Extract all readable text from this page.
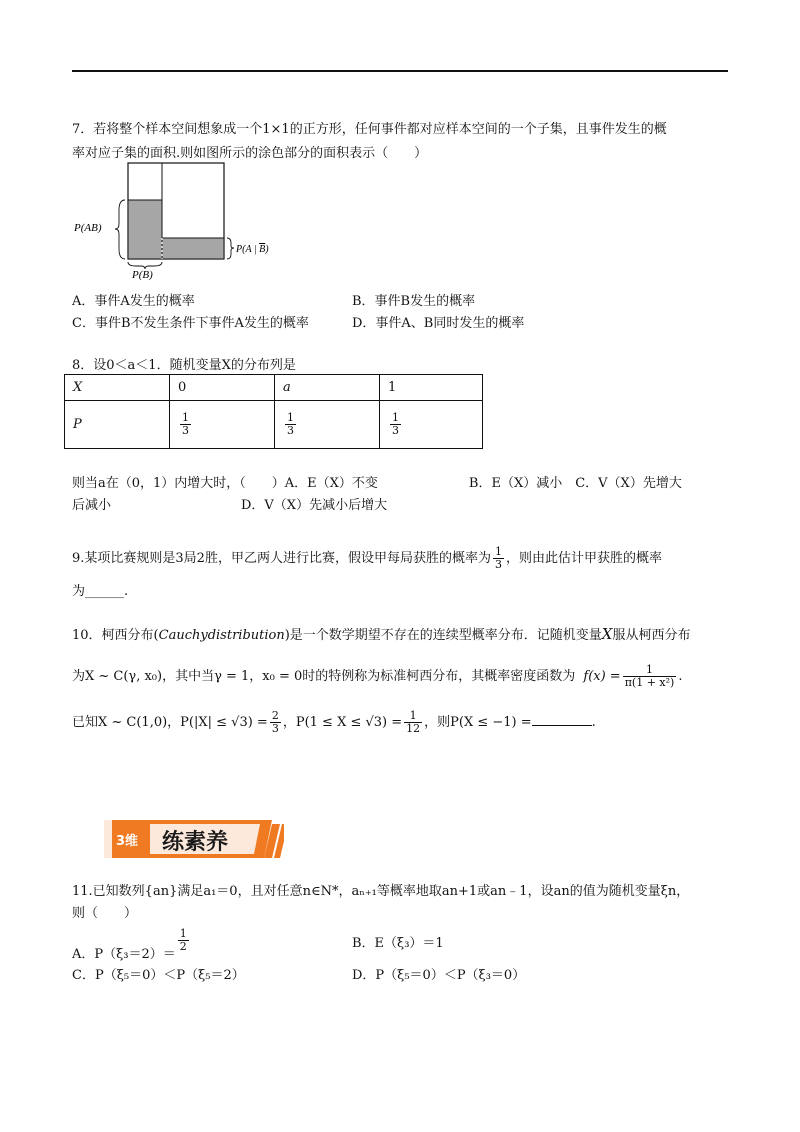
7．若将整个样本空间想象成一个1×1的正方形，任何事件都对应样本空间的一个子集，且事件发生的概
率对应子集的面积.则如图所示的涂色部分的面积表示（　　）
P(AB)
P(A | B)
P(B)
A．事件A发生的概率	B．事件B发生的概率
C．事件B不发生条件下事件A发生的概率	D．事件A、B同时发生的概率
8．设0＜a＜1．随机变量X的分布列是
X	0	a	1
P	$\frac{1}{3}$	$\frac{1}{3}$	$\frac{1}{3}$
则当a在（0，1）内增大时，（　　）A．E（X）不变　　　　　　　B．E（X）减小　C．V（X）先增大
后减小　　　　　　　　　　D．V（X）先减小后增大
9.某项比赛规则是3局2胜，甲乙两人进行比赛，假设甲每局获胜的概率为 $\frac{1}{3}$ ，则由此估计甲获胜的概率
为______.
10．柯西分布(Cauchydistribution)是一个数学期望不存在的连续型概率分布．记随机变量X服从柯西分布
为X ~ C(γ, x₀)，其中当γ = 1，x₀ = 0时的特例称为标准柯西分布，其概率密度函数为 $f(x) = \frac{1}{\text{π(1 + x²)}}$ .
已知X ~ C(1,0)，$P(|X| \le √3) = \frac{2}{3}$ ，$P(1 \le X \le √3) = \frac{1}{12}$ ，则P(X ≤ −1) =	.
3维 练素养
11.已知数列{an}满足a₁＝0，且对任意n∈N*，aₙ₊₁等概率地取an+1或an﹣1，设an的值为随机变量ξn，
则（　　）
A．P（ξ₃＝2）＝
$\frac{1}{2}$	B．E（ξ₃）＝1
C．P（ξ₅＝0）＜P（ξ₅＝2）	D．P（ξ₅＝0）＜P（ξ₃＝0）
